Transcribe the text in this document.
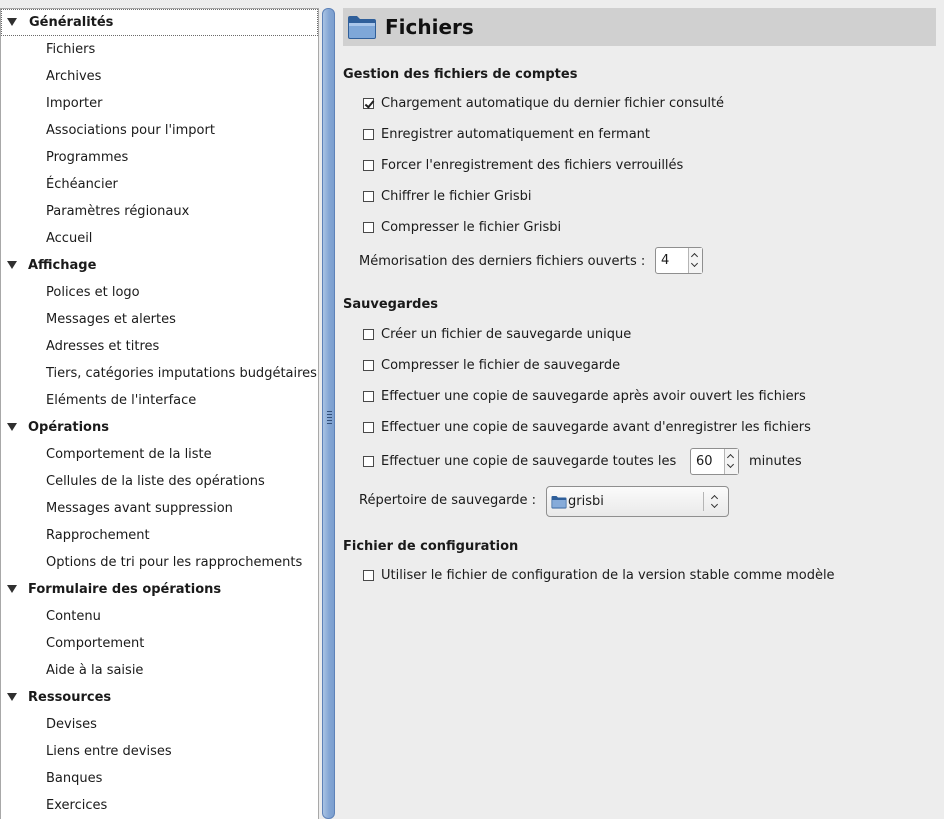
Généralités
Fichiers
Archives
Importer
Associations pour l'import
Programmes
Échéancier
Paramètres régionaux
Accueil
Affichage
Polices et logo
Messages et alertes
Adresses et titres
Tiers, catégories imputations budgétaires
Eléments de l'interface
Opérations
Comportement de la liste
Cellules de la liste des opérations
Messages avant suppression
Rapprochement
Options de tri pour les rapprochements
Formulaire des opérations
Contenu
Comportement
Aide à la saisie
Ressources
Devises
Liens entre devises
Banques
Exercices
Fichiers
Gestion des fichiers de comptes
Chargement automatique du dernier fichier consulté
Enregistrer automatiquement en fermant
Forcer l'enregistrement des fichiers verrouillés
Chiffrer le fichier Grisbi
Compresser le fichier Grisbi
Mémorisation des derniers fichiers ouverts : 4
Sauvegardes
Créer un fichier de sauvegarde unique
Compresser le fichier de sauvegarde
Effectuer une copie de sauvegarde après avoir ouvert les fichiers
Effectuer une copie de sauvegarde avant d'enregistrer les fichiers
Effectuer une copie de sauvegarde toutes les 60	minutes
Répertoire de sauvegarde : grisbi
Fichier de configuration
Utiliser le fichier de configuration de la version stable comme modèle
